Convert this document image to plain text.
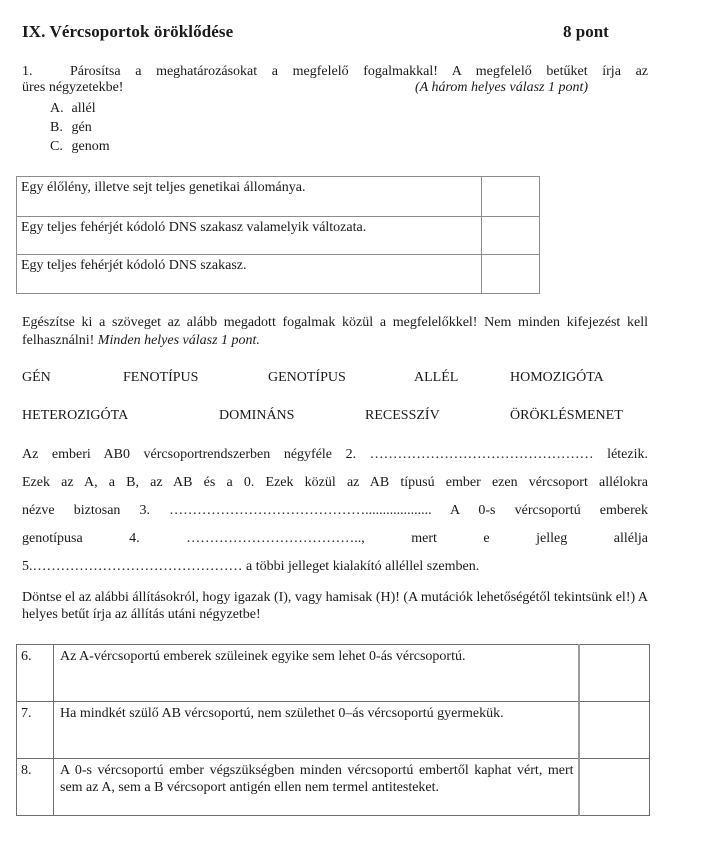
IX. Vércsoportok öröklődése	8 pont
1.	Párosítsa a meghatározásokat a megfelelő fogalmakkal! A megfelelő betűket írja az
üres négyzetekbe!	(A három helyes válasz 1 pont)
A. allél
B. gén
C. genom
Egy élőlény, illetve sejt teljes genetikai állománya.	
Egy teljes fehérjét kódoló DNS szakasz valamelyik változata.	
Egy teljes fehérjét kódoló DNS szakasz.	
Egészítse ki a szöveget az alább megadott fogalmak közül a megfelelőkkel! Nem minden kifejezést kell felhasználni! Minden helyes válasz 1 pont.
GÉN	FENOTÍPUS	GENOTÍPUS	ALLÉL	HOMOZIGÓTA
HETEROZIGÓTA	DOMINÁNS	RECESSZÍV	ÖRÖKLÉSMENET
Az emberi AB0 vércsoportrendszerben négyféle 2. ………………………………………… létezik.
Ezek az A, a B, az AB és a 0. Ezek közül az AB típusú ember ezen vércsoport allélokra
nézve biztosan 3. ……………………………………................... A 0-s vércsoportú emberek
genotípusa 4. ……………………………….., mert e jelleg allélja
5.……………………………………… a többi jelleget kialakító alléllel szemben.
Döntse el az alábbi állításokról, hogy igazak (I), vagy hamisak (H)! (A mutációk lehetőségétől tekintsünk el!) A helyes betűt írja az állítás utáni négyzetbe!
6.	Az A-vércsoportú emberek szüleinek egyike sem lehet 0-ás vércsoportú.	
7.	Ha mindkét szülő AB vércsoportú, nem születhet 0–ás vércsoportú gyermekük.	
8.	A 0-s vércsoportú ember végszükségben minden vércsoportú embertől kaphat vért, mert sem az A, sem a B vércsoport antigén ellen nem termel antitesteket.	
